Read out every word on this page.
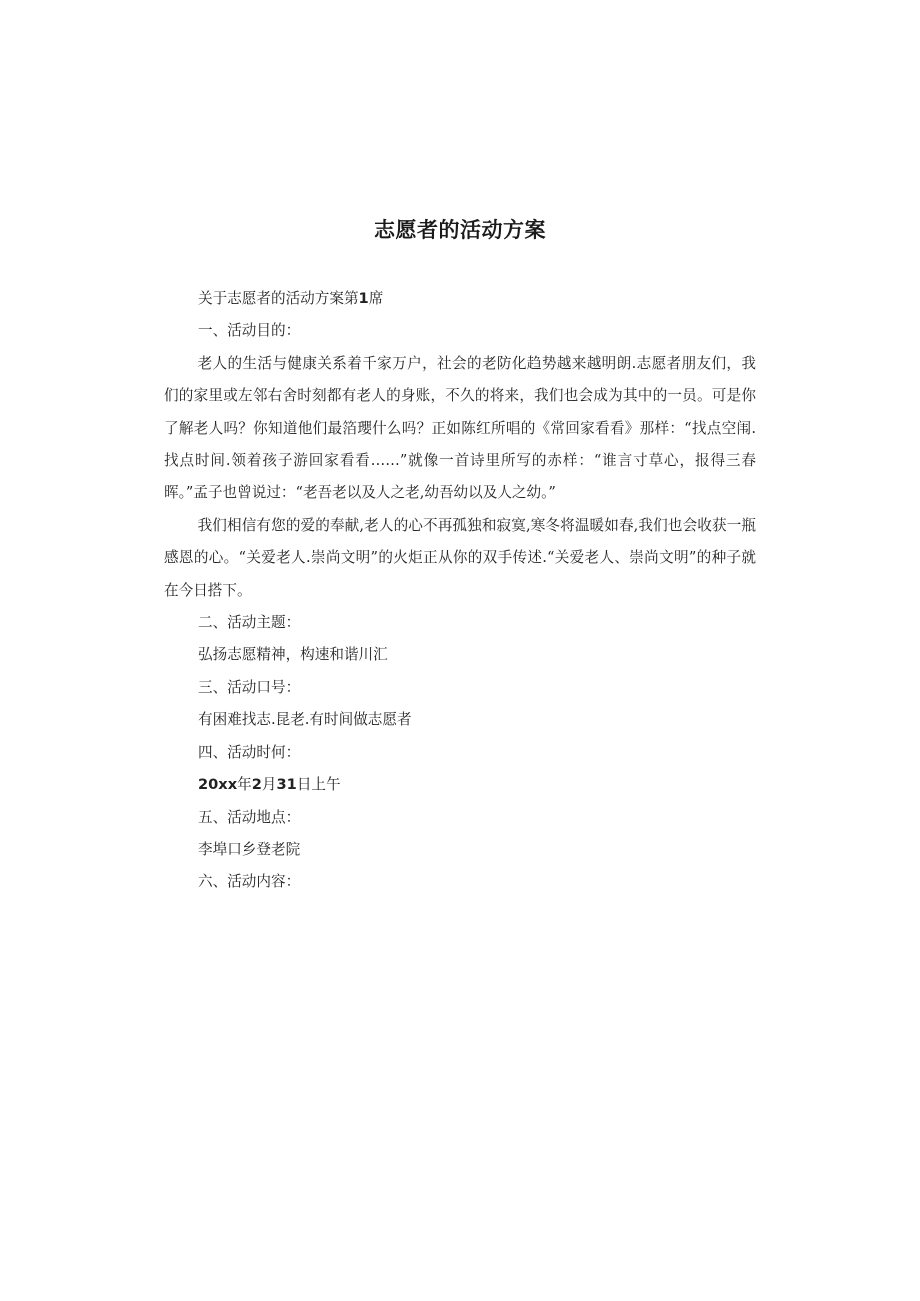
志愿者的活动方案

关于志愿者的活动方案第1席

一、活动目的：

老人的生活与健康关系着千家万户，社会的老防化趋势越来越明朗.志愿者朋友们，我们的家里或左邻右舍时刻都有老人的身账，不久的将来，我们也会成为其中的一员。可是你了解老人吗？你知道他们最箔瓔什么吗？正如陈红所唱的《常回家看看》那样：“找点空闱.找点时间.领着孩子游回家看看……”就像一首诗里所写的赤样：“谁言寸草心，报得三春晖。”孟子也曾说过：“老吾老以及人之老,幼吾幼以及人之幼。”

我们相信有您的爱的奉献,老人的心不再孤独和寂寞,寒冬将温暖如春,我们也会收获一瓶感恩的心。“关爱老人.崇尚文明”的火炬正从你的双手传述.“关爱老人、崇尚文明”的种子就在今日搭下。

二、活动主题：

弘扬志愿精神，构速和谐川汇

三、活动口号：

有困难找志.昆老.有时间做志愿者

四、活动时何：

20xx年2月31日上午

五、活动地点：

李埠口乡登老院

六、活动内容：
